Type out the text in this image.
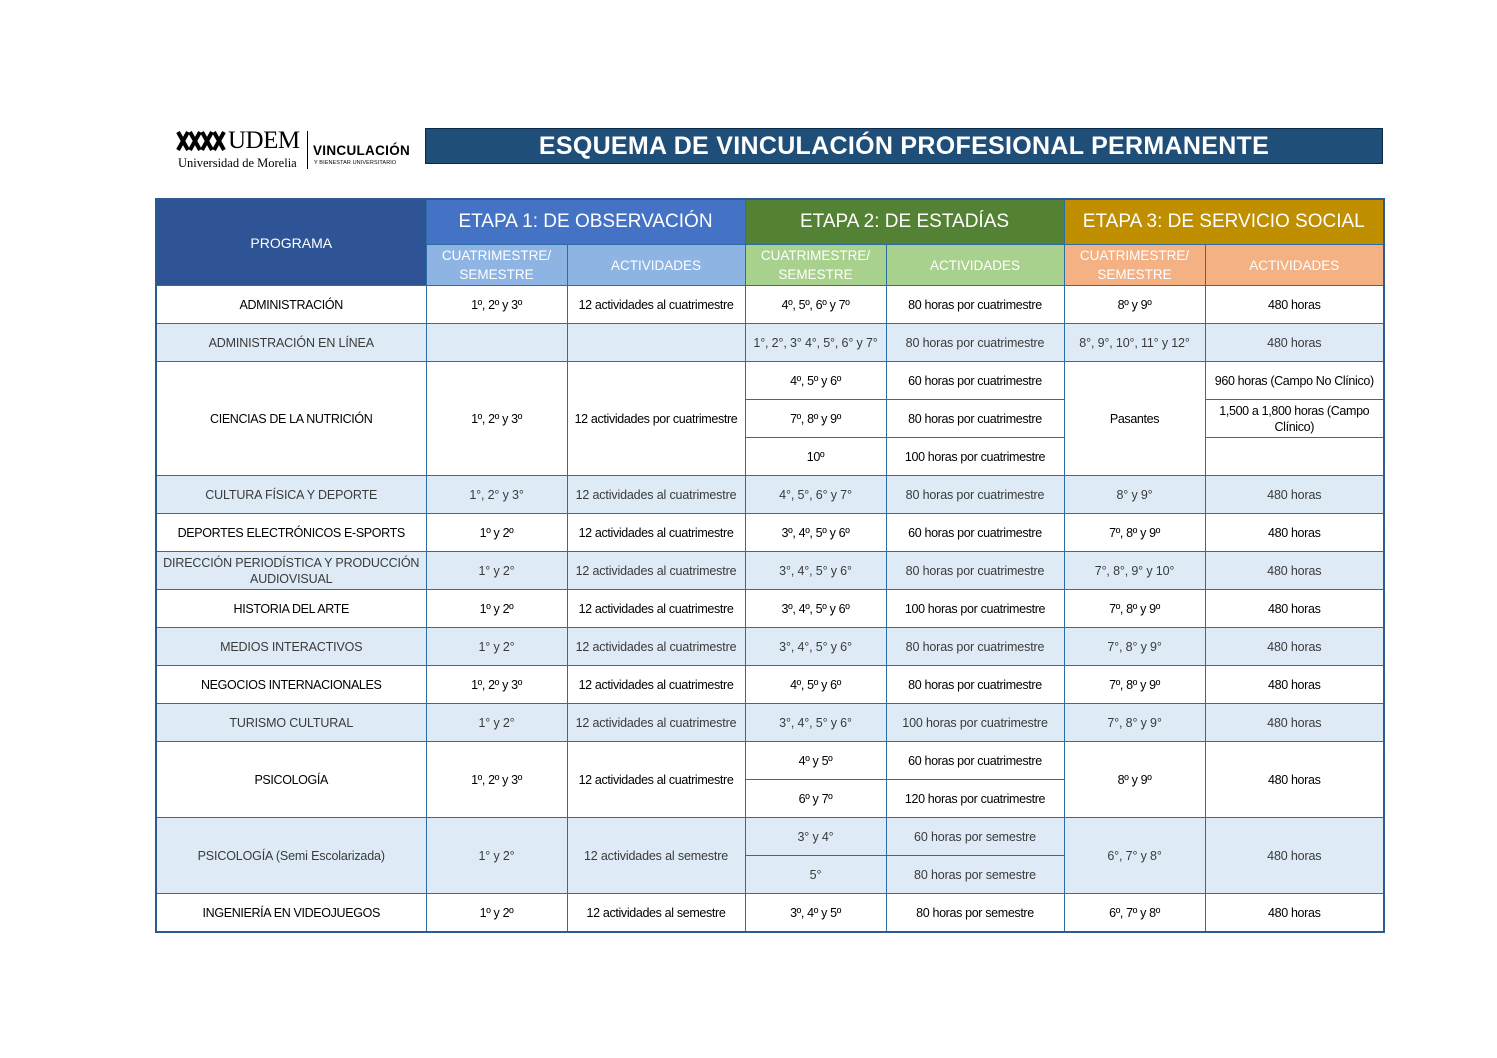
UDEM
Universidad de Morelia
VINCULACIÓN
Y BIENESTAR UNIVERSITARIO
ESQUEMA DE VINCULACIÓN PROFESIONAL PERMANENTE
PROGRAMA	ETAPA 1: DE OBSERVACIÓN		ETAPA 2: DE ESTADÍAS		ETAPA 3: DE SERVICIO SOCIAL	
	CUATRIMESTRE/ SEMESTRE	ACTIVIDADES	CUATRIMESTRE/ SEMESTRE	ACTIVIDADES	CUATRIMESTRE/ SEMESTRE	ACTIVIDADES
ADMINISTRACIÓN	1º, 2º y 3º	12 actividades al cuatrimestre	4º, 5º, 6º y 7º	80 horas por cuatrimestre	8º y 9º	480 horas
ADMINISTRACIÓN EN LÍNEA			1°, 2°, 3° 4°, 5°, 6° y 7°	80 horas por cuatrimestre	8°, 9°, 10°, 11° y 12°	480 horas
CIENCIAS DE LA NUTRICIÓN	1º, 2º y 3º	12 actividades por cuatrimestre	4º, 5º y 6º	60 horas por cuatrimestre	Pasantes	960 horas (Campo No Clínico)
			7º, 8º y 9º	80 horas por cuatrimestre		1,500 a 1,800 horas (Campo Clínico)
			10º	100 horas por cuatrimestre		
CULTURA FÍSICA Y DEPORTE	1°, 2° y 3°	12 actividades al cuatrimestre	4°, 5°, 6° y 7°	80 horas por cuatrimestre	8° y 9°	480 horas
DEPORTES ELECTRÓNICOS E-SPORTS	1º y 2º	12 actividades al cuatrimestre	3º, 4º, 5º y 6º	60 horas por cuatrimestre	7º, 8º y 9º	480 horas
DIRECCIÓN PERIODÍSTICA Y PRODUCCIÓN AUDIOVISUAL	1° y 2°	12 actividades al cuatrimestre	3°, 4°, 5° y 6°	80 horas por cuatrimestre	7°, 8°, 9° y 10°	480 horas
HISTORIA DEL ARTE	1º y 2º	12 actividades al cuatrimestre	3º, 4º, 5º y 6º	100 horas por cuatrimestre	7º, 8º y 9º	480 horas
MEDIOS INTERACTIVOS	1° y 2°	12 actividades al cuatrimestre	3°, 4°, 5° y 6°	80 horas por cuatrimestre	7°, 8° y 9°	480 horas
NEGOCIOS INTERNACIONALES	1º, 2º y 3º	12 actividades al cuatrimestre	4º, 5º y 6º	80 horas por cuatrimestre	7º, 8º y 9º	480 horas
TURISMO CULTURAL	1° y 2°	12 actividades al cuatrimestre	3°, 4°, 5° y 6°	100 horas por cuatrimestre	7°, 8° y 9°	480 horas
PSICOLOGÍA	1º, 2º y 3º	12 actividades al cuatrimestre	4º y 5º	60 horas por cuatrimestre	8º y 9º	480 horas
			6º y 7º	120 horas por cuatrimestre		
PSICOLOGÍA (Semi Escolarizada)	1° y 2°	12 actividades al semestre	3° y 4°	60 horas por semestre	6°, 7° y 8°	480 horas
			5°	80 horas por semestre		
INGENIERÍA EN VIDEOJUEGOS	1º y 2º	12 actividades al semestre	3º, 4º y 5º	80 horas por semestre	6º, 7º y 8º	480 horas
